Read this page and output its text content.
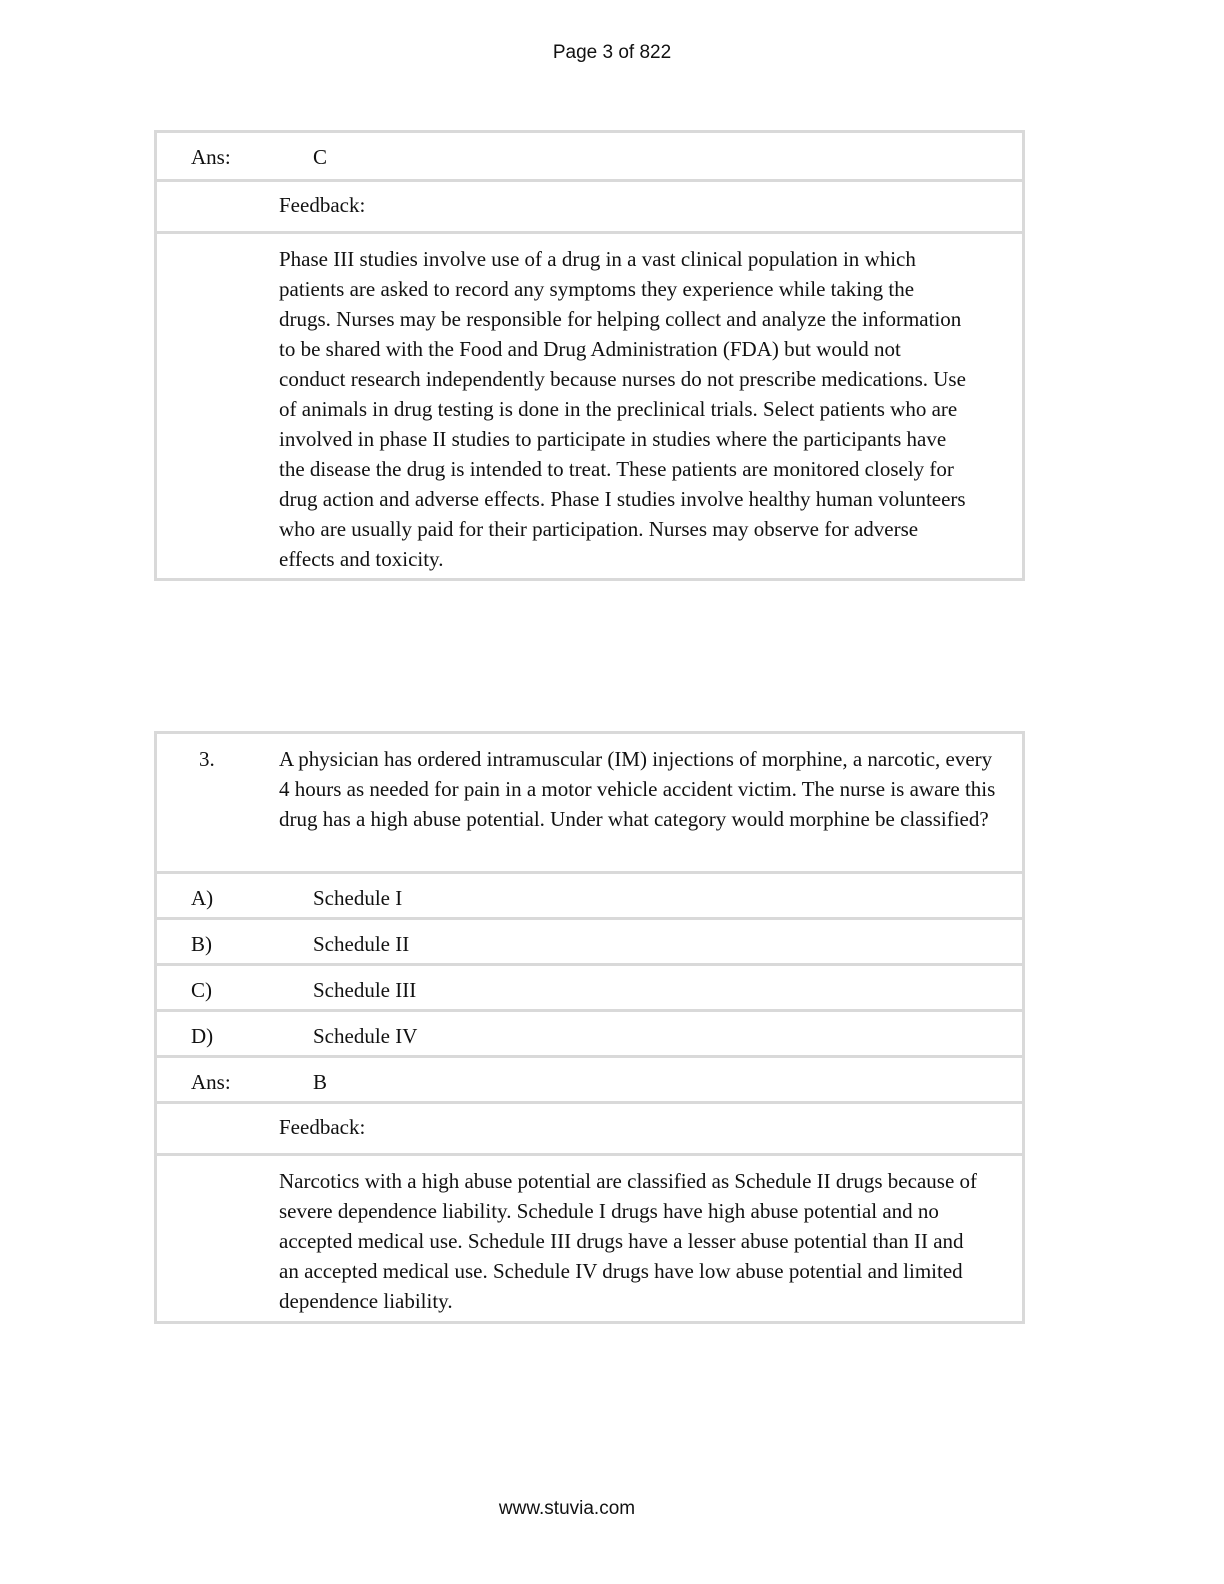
Page 3 of 822
Ans:	C
Feedback:
Phase III studies involve use of a drug in a vast clinical population in which patients are asked to record any symptoms they experience while taking the drugs. Nurses may be responsible for helping collect and analyze the information to be shared with the Food and Drug Administration (FDA) but would not conduct research independently because nurses do not prescribe medications. Use of animals in drug testing is done in the preclinical trials. Select patients who are involved in phase II studies to participate in studies where the participants have the disease the drug is intended to treat. These patients are monitored closely for drug action and adverse effects. Phase I studies involve healthy human volunteers who are usually paid for their participation. Nurses may observe for adverse effects and toxicity.
3.	A physician has ordered intramuscular (IM) injections of morphine, a narcotic, every 4 hours as needed for pain in a motor vehicle accident victim. The nurse is aware this drug has a high abuse potential. Under what category would morphine be classified?
A)	Schedule I
B)	Schedule II
C)	Schedule III
D)	Schedule IV
Ans:	B
Feedback:
Narcotics with a high abuse potential are classified as Schedule II drugs because of severe dependence liability. Schedule I drugs have high abuse potential and no accepted medical use. Schedule III drugs have a lesser abuse potential than II and an accepted medical use. Schedule IV drugs have low abuse potential and limited dependence liability.
www.stuvia.com
